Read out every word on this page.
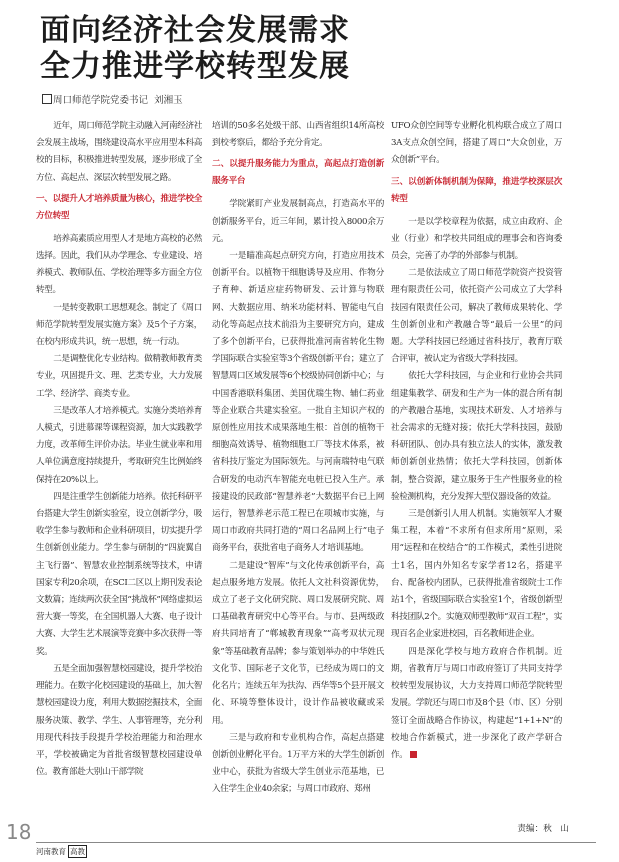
面向经济社会发展需求
全力推进学校转型发展
周口师范学院党委书记 刘湘玉

近年，周口师范学院主动融入河南经济社会发展主战场，围绕建设高水平应用型本科高校的目标，积极推进转型发展，逐步形成了全方位、高起点、深层次转型发展之路。

一、以提升人才培养质量为核心，推进学校全方位转型

培养高素质应用型人才是地方高校的必然选择。因此，我们从办学理念、专业建设、培养模式、教师队伍、学校治理等多方面全方位转型。

一是转变教职工思想观念。制定了《周口师范学院转型发展实施方案》及5个子方案，在校内形成共识，统一思想，统一行动。

二是调整优化专业结构。做精教师教育类专业，巩固提升文、理、艺类专业，大力发展工学、经济学、商类专业。

三是改革人才培养模式。实施分类培养育人模式，引进慕课等课程资源，加大实践教学力度，改革师生评价办法。毕业生就业率和用人单位满意度持续提升，考取研究生比例始终保持在20%以上。

四是注重学生创新能力培养。依托科研平台搭建大学生创新实验室，设立创新学分，吸收学生参与教师和企业科研项目，切实提升学生创新创业能力。学生参与研制的“四旋翼自主飞行器”、智慧农业控制系统等技术，申请国家专利20余项，在SCI二区以上期刊发表论文数篇；连续两次获全国“挑战杯”网络虚拟运营大赛一等奖，在全国机器人大赛、电子设计大赛、大学生艺术展演等竞赛中多次获得一等奖。

五是全面加强智慧校园建设，提升学校治理能力。在数字化校园建设的基础上，加大智慧校园建设力度，利用大数据挖掘技术，全面服务决策、教学、学生、人事管理等，充分利用现代科技手段提升学校治理能力和治理水平，学校被确定为首批省级智慧校园建设单位。教育部赴大别山干部学院

培训的50多名处级干部、山西省组织14所高校到校考察后，都给予充分肯定。

二、以提升服务能力为重点，高起点打造创新服务平台

学院紧盯产业发展制高点，打造高水平的创新服务平台，近三年间，累计投入8000余万元。

一是瞄准高起点研究方向，打造应用技术创新平台。以植物干细胞诱导及应用、作物分子育种、新适应症药物研发、云计算与物联网、大数据应用、纳米功能材料、智能电气自动化等高起点技术前沿为主要研究方向，建成了多个创新平台，已获得批准河南省转化生物学国际联合实验室等3个省级创新平台；建立了智慧周口区域发展等6个校级协同创新中心；与中国香港联科集团、美国优瑞生物、辅仁药业等企业联合共建实验室。一批自主知识产权的原创性应用技术成果落地生根：首创的植物干细胞高效诱导、植物细胞工厂等技术体系，被省科技厅鉴定为国际领先。与河南瑞特电气联合研发的电动汽车智能充电桩已投入生产。承接建设的民政部“智慧养老”大数据平台已上网运行，智慧养老示范工程已在项城市实施，与周口市政府共同打造的“周口名品网上行”电子商务平台，获批省电子商务人才培训基地。

二是建设“智库”与文化传承创新平台，高起点服务地方发展。依托人文社科资源优势，成立了老子文化研究院、周口发展研究院、周口基础教育研究中心等平台。与市、县两级政府共同培育了“郸城教育现象”“高考双状元现象”等基础教育品牌；参与策划举办的中华姓氏文化节、国际老子文化节，已经成为周口的文化名片；连续五年为扶沟、西华等5个县开展文化、环境等整体设计，设计作品被收藏或采用。

三是与政府和专业机构合作，高起点搭建创新创业孵化平台。1万平方米的大学生创新创业中心，获批为省级大学生创业示范基地，已入住学生企业40余家；与周口市政府、郑州

UFO众创空间等专业孵化机构联合成立了周口3A支点众创空间，搭建了周口“大众创业，万众创新”平台。

三、以创新体制机制为保障，推进学校深层次转型

一是以学校章程为依据，成立由政府、企业（行业）和学校共同组成的理事会和咨询委员会，完善了办学的外部参与机制。

二是依法成立了周口师范学院资产投资管理有限责任公司，依托资产公司成立了大学科技园有限责任公司，解决了教师成果转化、学生创新创业和产教融合等“最后一公里”的问题。大学科技园已经通过省科技厅，教育厅联合评审，被认定为省级大学科技园。

依托大学科技园，与企业和行业协会共同组建集教学、研发和生产为一体的混合所有制的产教融合基地，实现技术研发、人才培养与社会需求的无缝对接；依托大学科技园，鼓励科研团队、创办具有独立法人的实体，激发教师创新创业热情；依托大学科技园，创新体制，整合资源，建立服务于生产性服务业的检验检测机构，充分发挥大型仪器设备的效益。

三是创新引人用人机制。实施领军人才聚集工程，本着“不求所有但求所用”原则，采用“远程和在校结合”的工作模式，柔性引进院士1名，国内外知名专家学者12名，搭建平台、配备校内团队，已获得批准省级院士工作站1个，省级国际联合实验室1个，省级创新型科技团队2个。实施双师型教师“双百工程”，实现百名企业家进校园，百名教师进企业。

四是深化学校与地方政府合作机制。近期，省教育厅与周口市政府签订了共同支持学校转型发展协议，大力支持周口师范学院转型发展。学院还与周口市及8个县（市、区）分别签订全面战略合作协议，构建起“1+1+N”的校地合作新模式，进一步深化了政产学研合作。

责编：秋　山
18
河南教育 高教
